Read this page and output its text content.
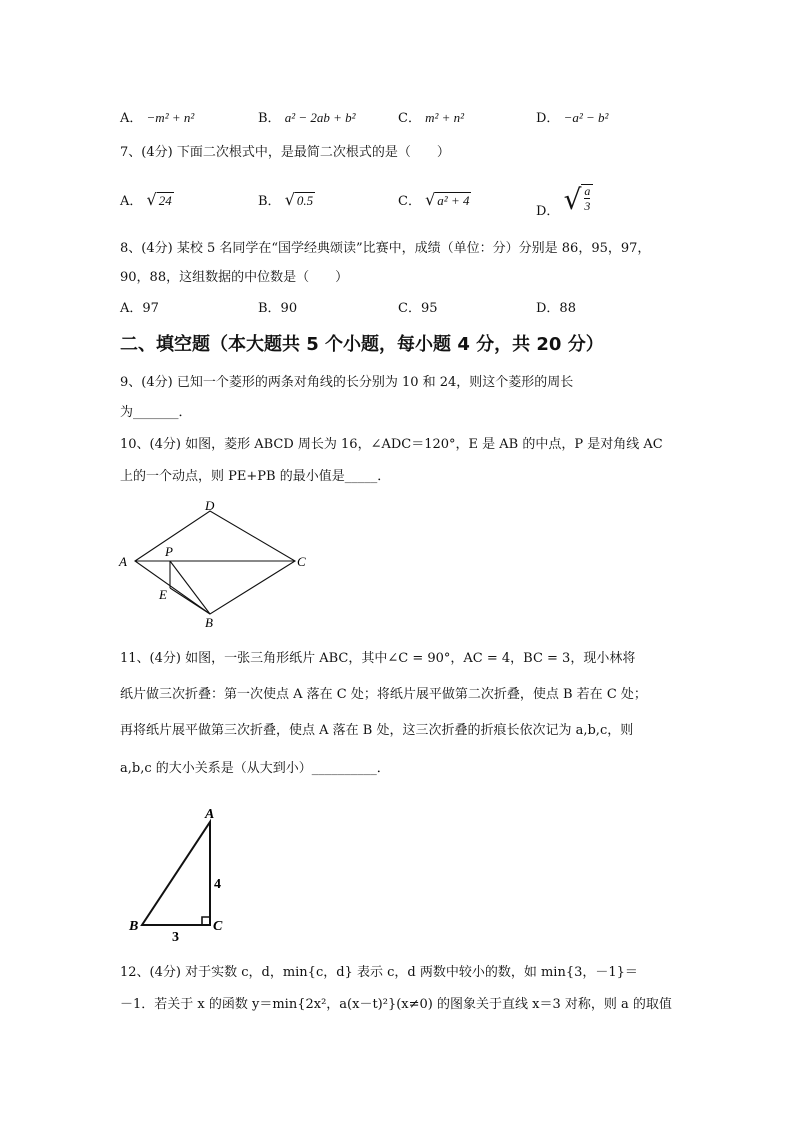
A． −m² + n²	B． a² − 2ab + b²	C． m² + n²	D． −a² − b²
7、(4分) 下面二次根式中，是最简二次根式的是（　　）
A． √ 24	B． √ 0.5	C． √ a² + 4
D． √ $\frac{a}{3}$
8、(4分) 某校 5 名同学在“国学经典颂读”比赛中，成绩（单位：分）分别是 86，95，97，
90，88，这组数据的中位数是（　　）
A．97	B．90	C．95	D．88
二、填空题（本大题共 5 个小题，每小题 4 分，共 20 分）
9、(4分) 已知一个菱形的两条对角线的长分别为 10 和 24，则这个菱形的周长
为_______．
10、(4分) 如图，菱形 ABCD 周长为 16，∠ADC＝120°，E 是 AB 的中点，P 是对角线 AC
上的一个动点，则 PE+PB 的最小值是_____．
A
D
C
B
P
E
11、(4分) 如图，一张三角形纸片 ABC，其中∠C = 90°，AC = 4，BC = 3，现小林将
纸片做三次折叠：第一次使点 A 落在 C 处；将纸片展平做第二次折叠，使点 B 若在 C 处；
再将纸片展平做第三次折叠，使点 A 落在 B 处，这三次折叠的折痕长依次记为 a,b,c，则
a,b,c 的大小关系是（从大到小）__________．
A
B	C
4
3
12、(4分) 对于实数 c，d，min{c，d} 表示 c，d 两数中较小的数，如 min{3，－1}＝
－1．若关于 x 的函数 y＝min{2x²，a(x－t)²}(x≠0) 的图象关于直线 x＝3 对称，则 a 的取值
